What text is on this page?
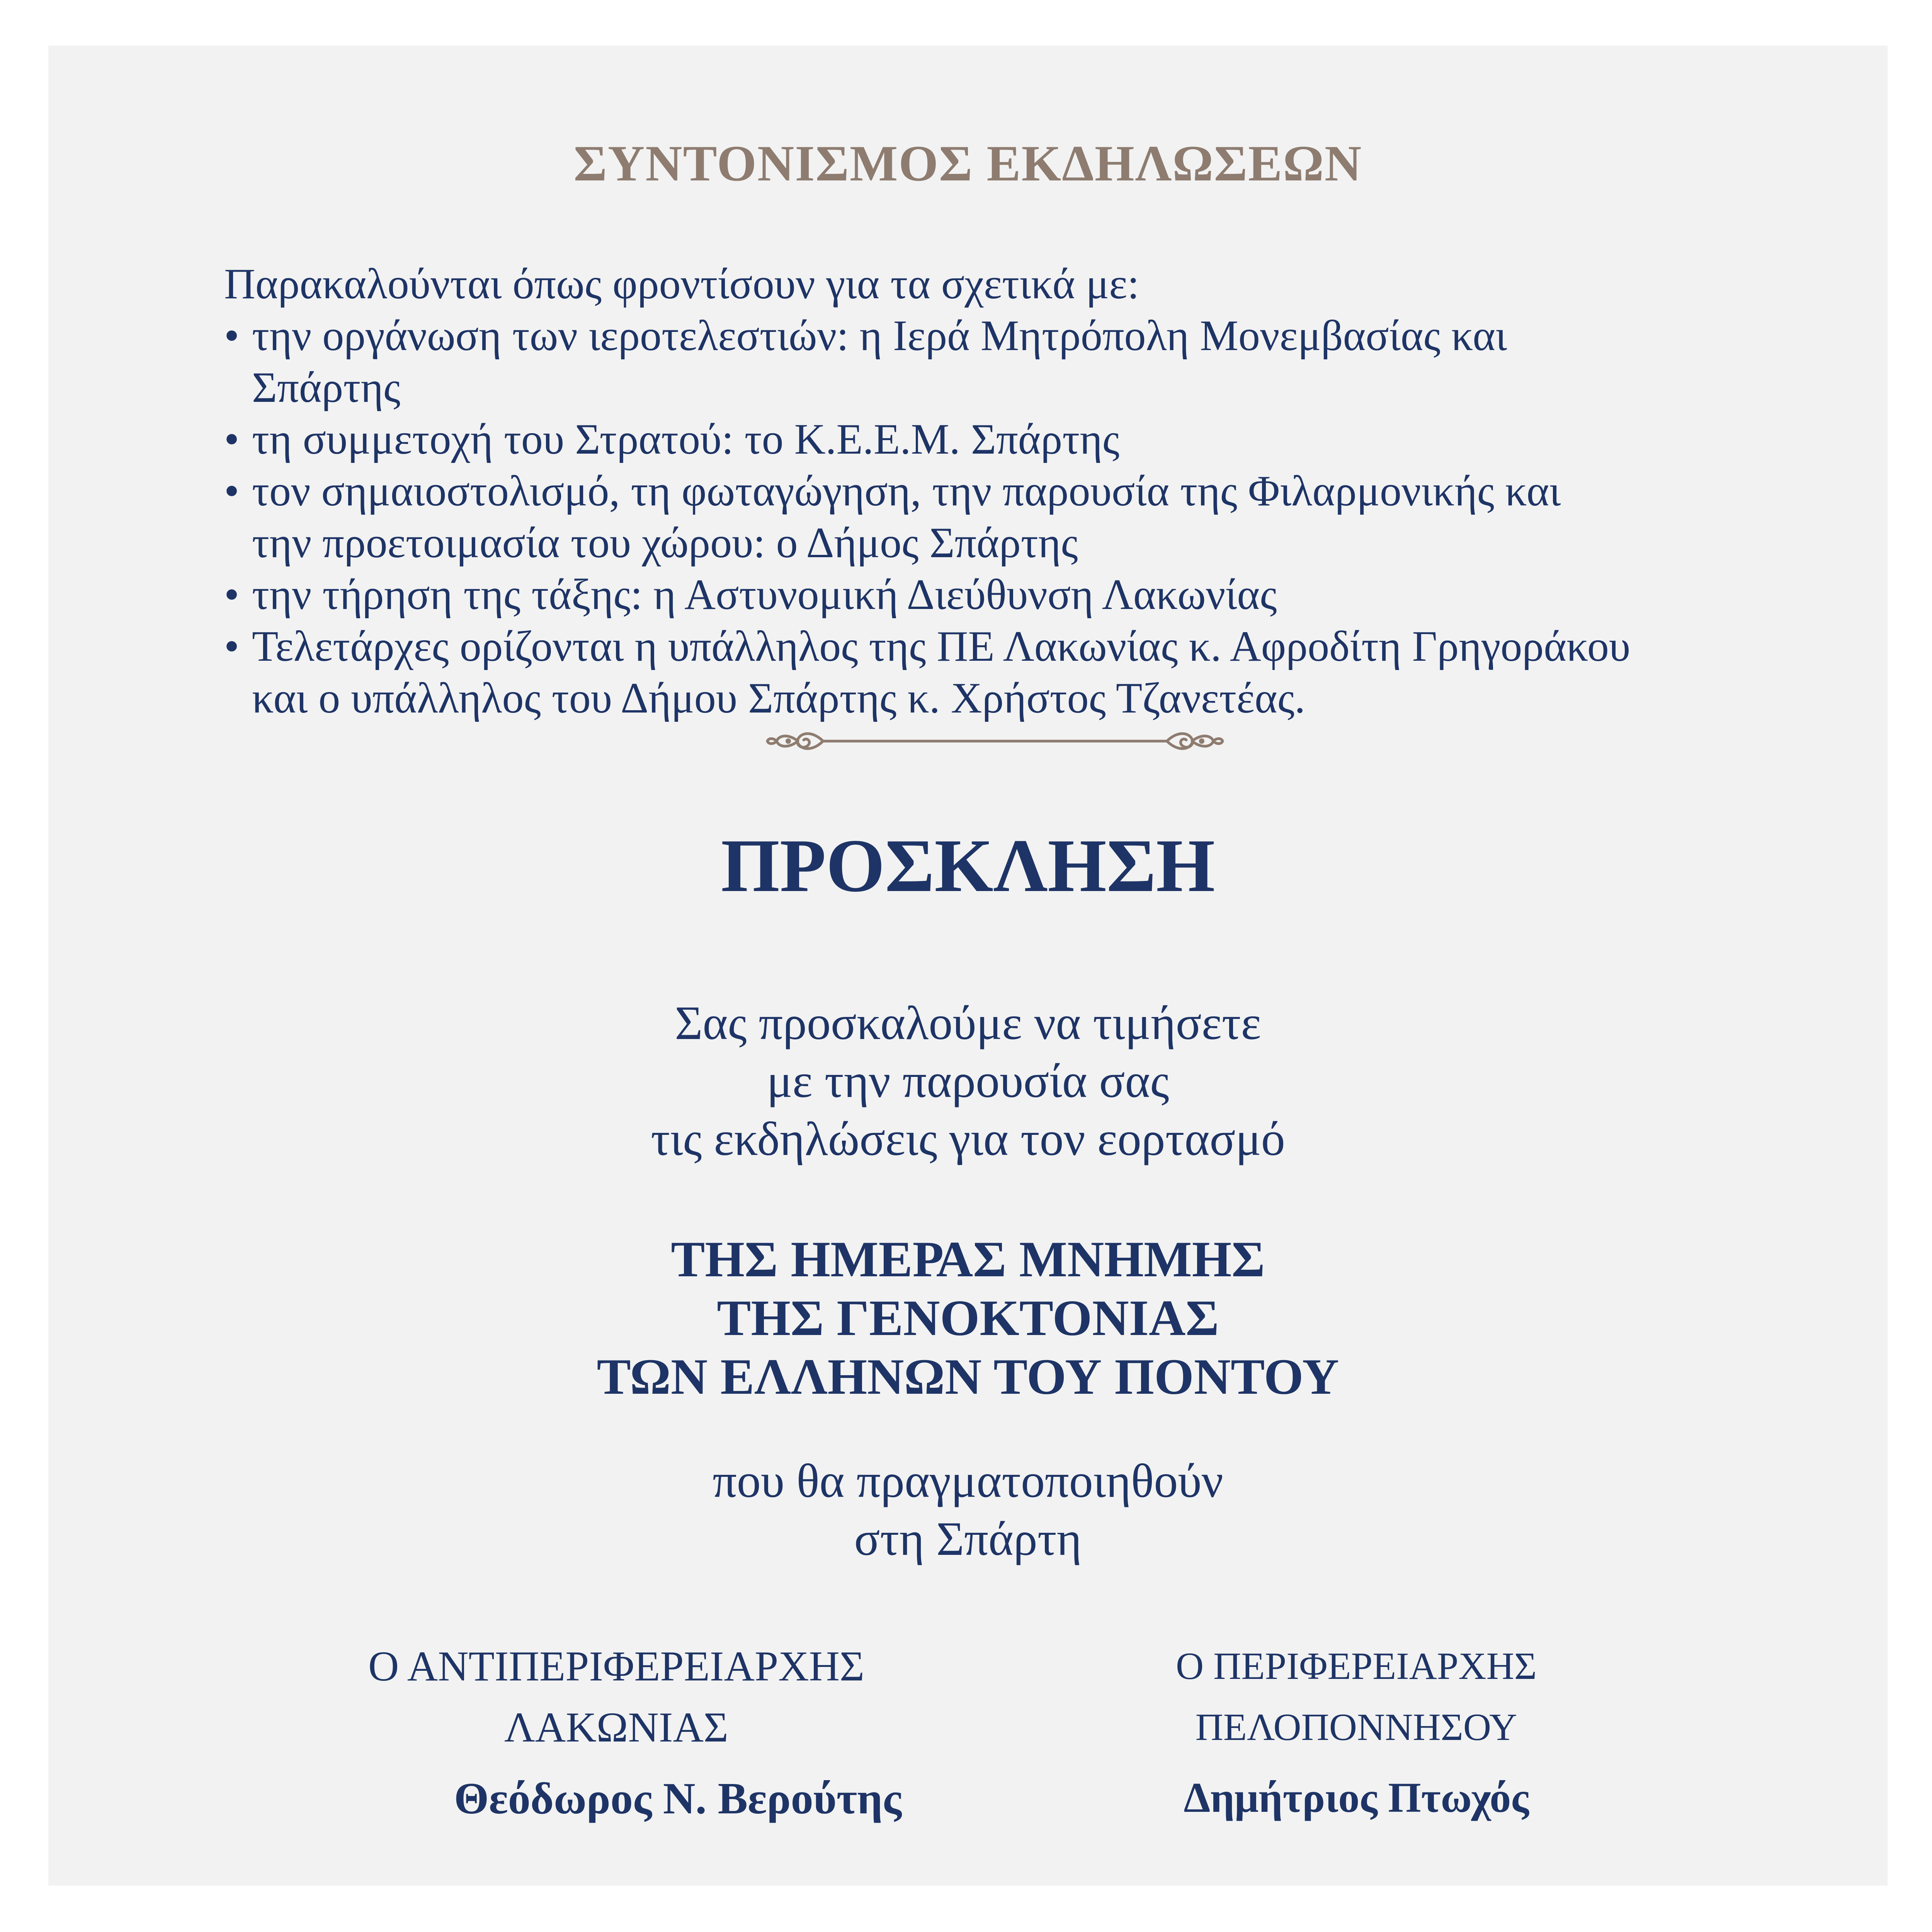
ΣΥΝΤΟΝΙΣΜΟΣ ΕΚΔΗΛΩΣΕΩΝ
Παρακαλούνται όπως φροντίσουν για τα σχετικά με:
• την οργάνωση των ιεροτελεστιών: η Ιερά Μητρόπολη Μονεμβασίας και
Σπάρτης
• τη συμμετοχή του Στρατού: το Κ.Ε.Ε.Μ. Σπάρτης
• τον σημαιοστολισμό, τη φωταγώγηση, την παρουσία της Φιλαρμονικής και
την προετοιμασία του χώρου: ο Δήμος Σπάρτης
• την τήρηση της τάξης: η Αστυνομική Διεύθυνση Λακωνίας
• Τελετάρχες ορίζονται η υπάλληλος της ΠΕ Λακωνίας κ. Αφροδίτη Γρηγοράκου
και ο υπάλληλος του Δήμου Σπάρτης κ. Χρήστος Τζανετέας.
ΠΡΟΣΚΛΗΣΗ
Σας προσκαλούμε να τιμήσετε
με την παρουσία σας
τις εκδηλώσεις για τον εορτασμό
ΤΗΣ ΗΜΕΡΑΣ ΜΝΗΜΗΣ
ΤΗΣ ΓΕΝΟΚΤΟΝΙΑΣ
ΤΩΝ ΕΛΛΗΝΩΝ ΤΟΥ ΠΟΝΤΟΥ
που θα πραγματοποιηθούν
στη Σπάρτη
Ο ΑΝΤΙΠΕΡΙΦΕΡΕΙΑΡΧΗΣ
ΛΑΚΩΝΙΑΣ
Θεόδωρος Ν. Βερούτης
Ο ΠΕΡΙΦΕΡΕΙΑΡΧΗΣ
ΠΕΛΟΠΟΝΝΗΣΟΥ
Δημήτριος Πτωχός
